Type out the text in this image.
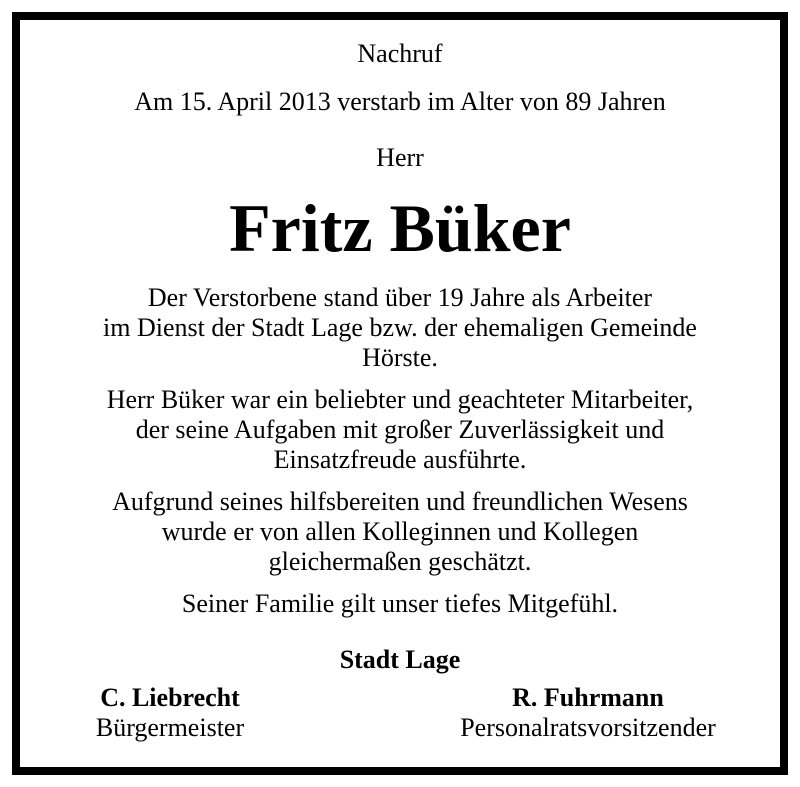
Nachruf
Am 15. April 2013 verstarb im Alter von 89 Jahren
Herr
Fritz Büker
Der Verstorbene stand über 19 Jahre als Arbeiter
im Dienst der Stadt Lage bzw. der ehemaligen Gemeinde
Hörste.
Herr Büker war ein beliebter und geachteter Mitarbeiter,
der seine Aufgaben mit großer Zuverlässigkeit und
Einsatzfreude ausführte.
Aufgrund seines hilfsbereiten und freundlichen Wesens
wurde er von allen Kolleginnen und Kollegen
gleichermaßen geschätzt.
Seiner Familie gilt unser tiefes Mitgefühl.
Stadt Lage
C. Liebrecht
Bürgermeister
R. Fuhrmann
Personalratsvorsitzender
